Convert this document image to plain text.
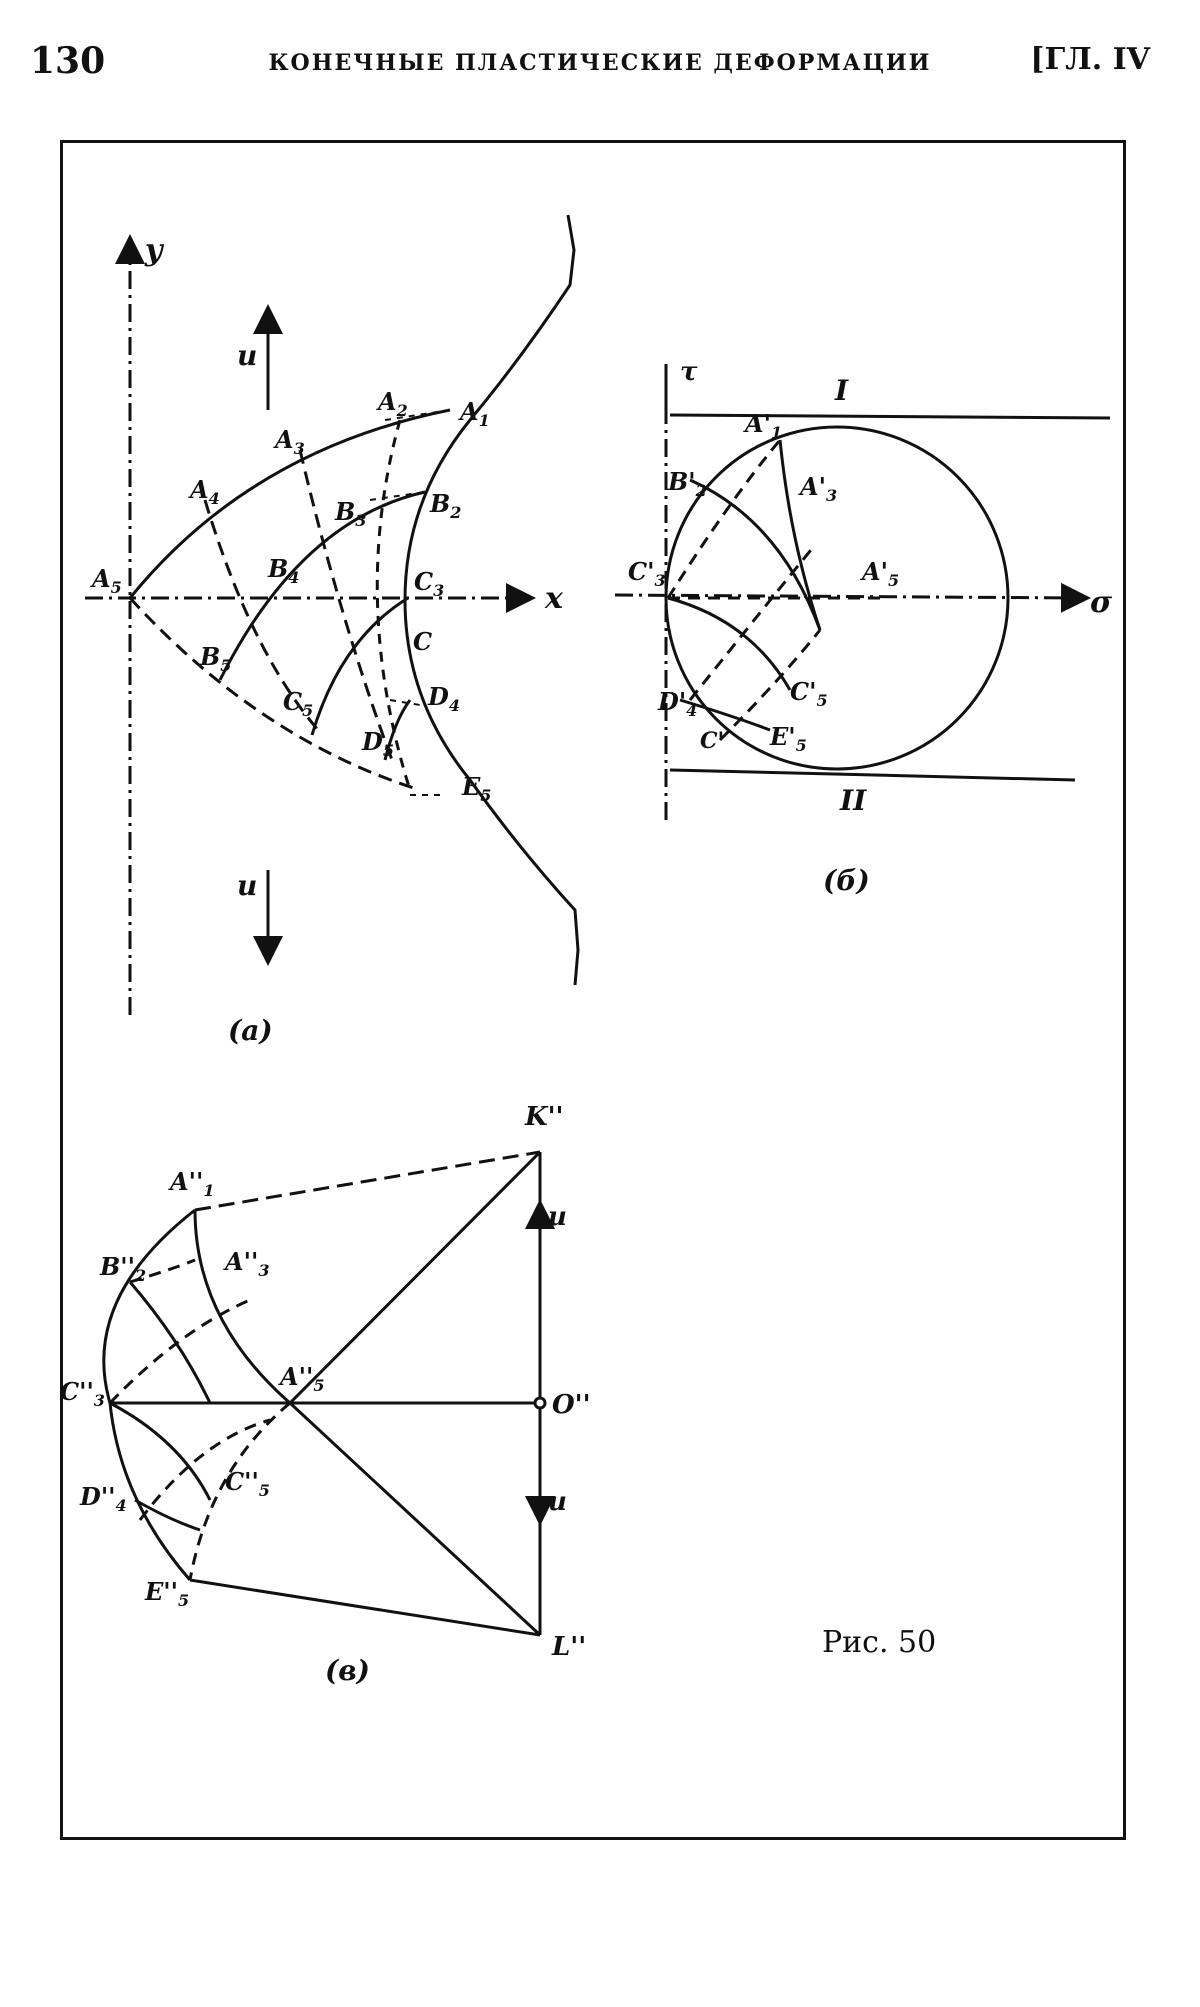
130	КОНЕЧНЫЕ ПЛАСТИЧЕСКИЕ ДЕФОРМАЦИИ	[ГЛ. IV
y
x
u
u
C
(а)
$A_5$
$A_4$
$A_3$
$A_2$ $A_1$
$B_4$
$B_3$
$B_2$
$B_5$
$C_3$
$C_5$	$D_4$
$D_5$
$E_5$
τ
σ
I
II
C'
(б)
$A'_1$
$B'_2$	$A'_3$
$C'_3$	$A'_5$
$C'_5$
$D'_4$
$E'_5$
u
u
(в)
K''
L''
O''
$A''_1$
$B''_2$	$A''_3$
$C''_3$
$A''_5$
$C''_5$
$D''_4$
$E''_5$
Рис. 50
